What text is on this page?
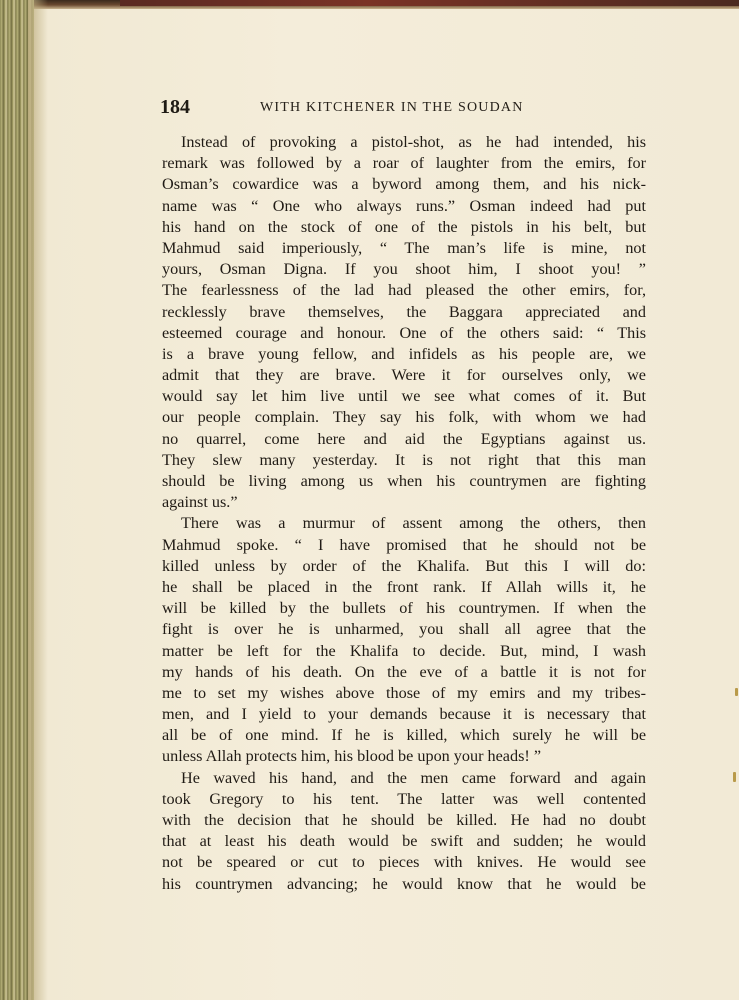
184	WITH KITCHENER IN THE SOUDAN
Instead of provoking a pistol-shot, as he had intended, his
remark was followed by a roar of laughter from the emirs, for
Osman’s cowardice was a byword among them, and his nick-
name was “ One who always runs.” Osman indeed had put
his hand on the stock of one of the pistols in his belt, but
Mahmud said imperiously, “ The man’s life is mine, not
yours, Osman Digna. If you shoot him, I shoot you! ”
The fearlessness of the lad had pleased the other emirs, for,
recklessly brave themselves, the Baggara appreciated and
esteemed courage and honour. One of the others said: “ This
is a brave young fellow, and infidels as his people are, we
admit that they are brave. Were it for ourselves only, we
would say let him live until we see what comes of it. But
our people complain. They say his folk, with whom we had
no quarrel, come here and aid the Egyptians against us.
They slew many yesterday. It is not right that this man
should be living among us when his countrymen are fighting
against us.”
There was a murmur of assent among the others, then
Mahmud spoke. “ I have promised that he should not be
killed unless by order of the Khalifa. But this I will do:
he shall be placed in the front rank. If Allah wills it, he
will be killed by the bullets of his countrymen. If when the
fight is over he is unharmed, you shall all agree that the
matter be left for the Khalifa to decide. But, mind, I wash
my hands of his death. On the eve of a battle it is not for
me to set my wishes above those of my emirs and my tribes-
men, and I yield to your demands because it is necessary that
all be of one mind. If he is killed, which surely he will be
unless Allah protects him, his blood be upon your heads! ”
He waved his hand, and the men came forward and again
took Gregory to his tent. The latter was well contented
with the decision that he should be killed. He had no doubt
that at least his death would be swift and sudden; he would
not be speared or cut to pieces with knives. He would see
his countrymen advancing; he would know that he would be
